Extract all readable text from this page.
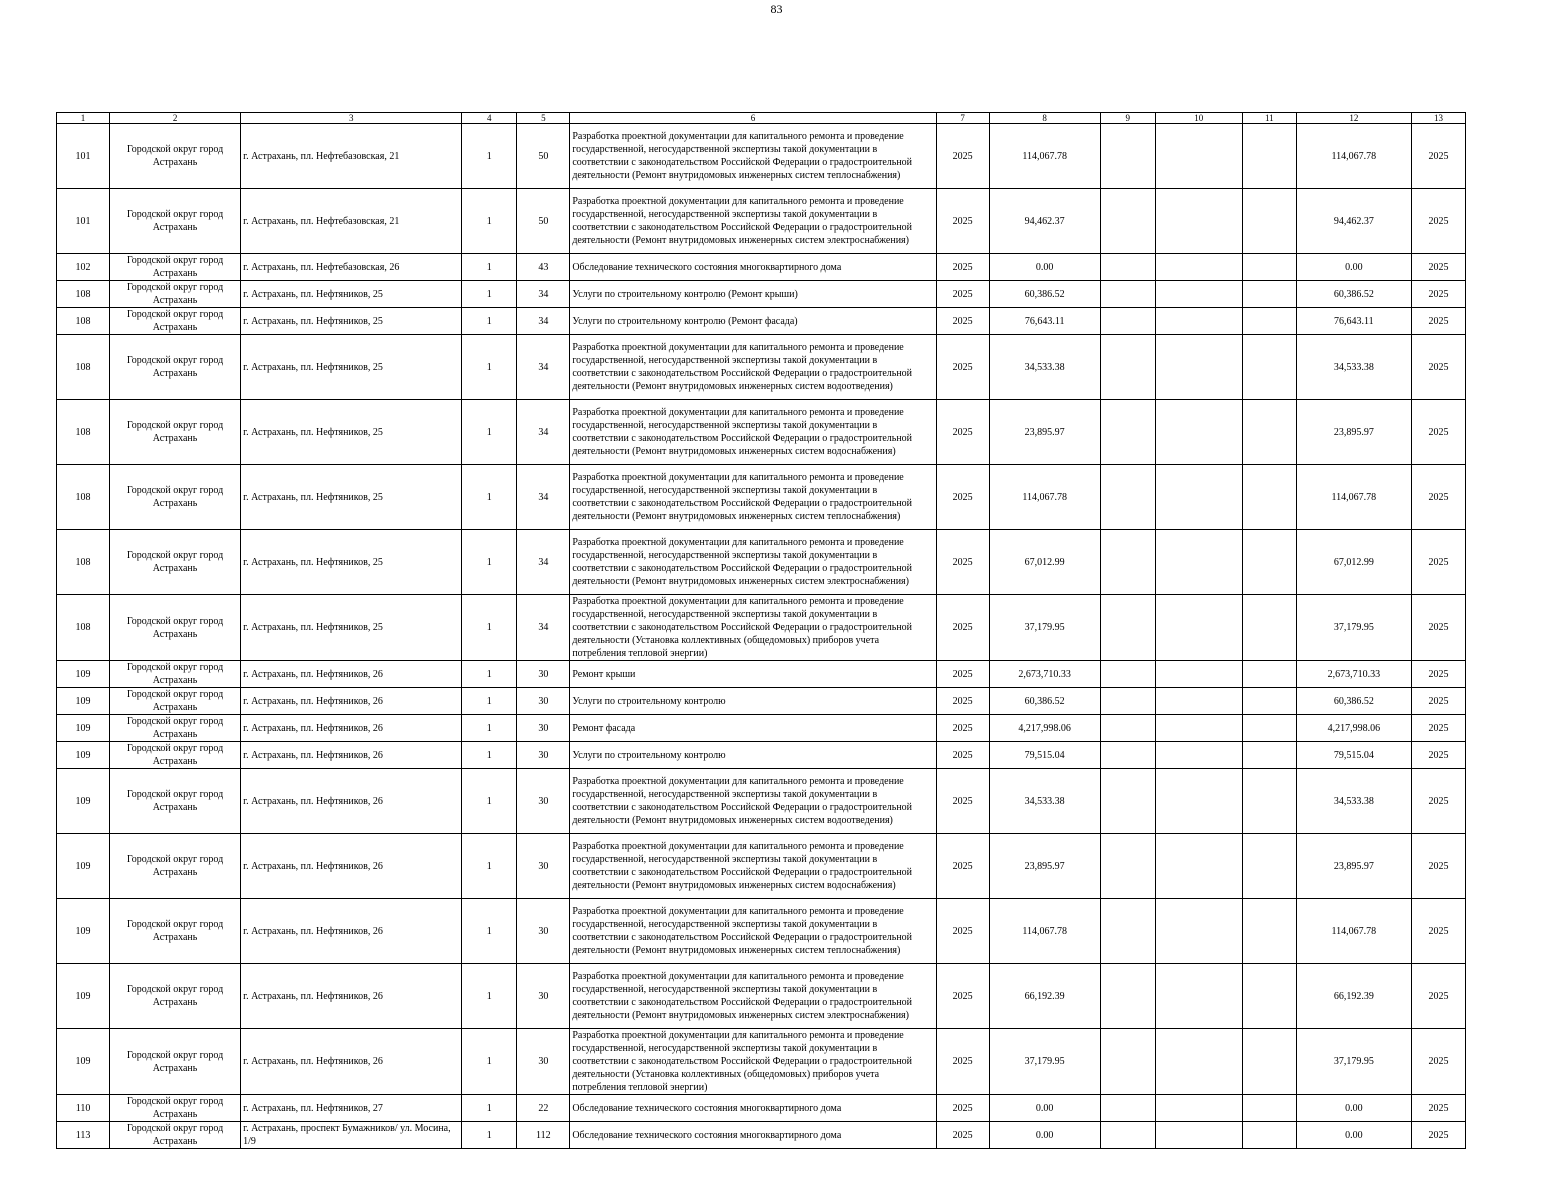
83
1	2	3	4	5	6	7	8	9	10	11	12	13
101	Городской округ город Астрахань	г. Астрахань, пл. Нефтебазовская, 21	1	50	Разработка проектной документации для капитального ремонта и проведение государственной, негосударственной экспертизы такой документации в соответствии с законодательством Российской Федерации о градостроительной деятельности (Ремонт внутридомовых инженерных систем теплоснабжения)	2025	114,067.78				114,067.78	2025
101	Городской округ город Астрахань	г. Астрахань, пл. Нефтебазовская, 21	1	50	Разработка проектной документации для капитального ремонта и проведение государственной, негосударственной экспертизы такой документации в соответствии с законодательством Российской Федерации о градостроительной деятельности (Ремонт внутридомовых инженерных систем электроснабжения)	2025	94,462.37				94,462.37	2025
102	Городской округ город Астрахань	г. Астрахань, пл. Нефтебазовская, 26	1	43	Обследование технического состояния многоквартирного дома	2025	0.00				0.00	2025
108	Городской округ город Астрахань	г. Астрахань, пл. Нефтяников, 25	1	34	Услуги по строительному контролю (Ремонт крыши)	2025	60,386.52				60,386.52	2025
108	Городской округ город Астрахань	г. Астрахань, пл. Нефтяников, 25	1	34	Услуги по строительному контролю (Ремонт фасада)	2025	76,643.11				76,643.11	2025
108	Городской округ город Астрахань	г. Астрахань, пл. Нефтяников, 25	1	34	Разработка проектной документации для капитального ремонта и проведение государственной, негосударственной экспертизы такой документации в соответствии с законодательством Российской Федерации о градостроительной деятельности (Ремонт внутридомовых инженерных систем водоотведения)	2025	34,533.38				34,533.38	2025
108	Городской округ город Астрахань	г. Астрахань, пл. Нефтяников, 25	1	34	Разработка проектной документации для капитального ремонта и проведение государственной, негосударственной экспертизы такой документации в соответствии с законодательством Российской Федерации о градостроительной деятельности (Ремонт внутридомовых инженерных систем водоснабжения)	2025	23,895.97				23,895.97	2025
108	Городской округ город Астрахань	г. Астрахань, пл. Нефтяников, 25	1	34	Разработка проектной документации для капитального ремонта и проведение государственной, негосударственной экспертизы такой документации в соответствии с законодательством Российской Федерации о градостроительной деятельности (Ремонт внутридомовых инженерных систем теплоснабжения)	2025	114,067.78				114,067.78	2025
108	Городской округ город Астрахань	г. Астрахань, пл. Нефтяников, 25	1	34	Разработка проектной документации для капитального ремонта и проведение государственной, негосударственной экспертизы такой документации в соответствии с законодательством Российской Федерации о градостроительной деятельности (Ремонт внутридомовых инженерных систем электроснабжения)	2025	67,012.99				67,012.99	2025
108	Городской округ город Астрахань	г. Астрахань, пл. Нефтяников, 25	1	34	Разработка проектной документации для капитального ремонта и проведение государственной, негосударственной экспертизы такой документации в соответствии с законодательством Российской Федерации о градостроительной деятельности (Установка коллективных (общедомовых) приборов учета потребления тепловой энергии)	2025	37,179.95				37,179.95	2025
109	Городской округ город Астрахань	г. Астрахань, пл. Нефтяников, 26	1	30	Ремонт крыши	2025	2,673,710.33				2,673,710.33	2025
109	Городской округ город Астрахань	г. Астрахань, пл. Нефтяников, 26	1	30	Услуги по строительному контролю	2025	60,386.52				60,386.52	2025
109	Городской округ город Астрахань	г. Астрахань, пл. Нефтяников, 26	1	30	Ремонт фасада	2025	4,217,998.06				4,217,998.06	2025
109	Городской округ город Астрахань	г. Астрахань, пл. Нефтяников, 26	1	30	Услуги по строительному контролю	2025	79,515.04				79,515.04	2025
109	Городской округ город Астрахань	г. Астрахань, пл. Нефтяников, 26	1	30	Разработка проектной документации для капитального ремонта и проведение государственной, негосударственной экспертизы такой документации в соответствии с законодательством Российской Федерации о градостроительной деятельности (Ремонт внутридомовых инженерных систем водоотведения)	2025	34,533.38				34,533.38	2025
109	Городской округ город Астрахань	г. Астрахань, пл. Нефтяников, 26	1	30	Разработка проектной документации для капитального ремонта и проведение государственной, негосударственной экспертизы такой документации в соответствии с законодательством Российской Федерации о градостроительной деятельности (Ремонт внутридомовых инженерных систем водоснабжения)	2025	23,895.97				23,895.97	2025
109	Городской округ город Астрахань	г. Астрахань, пл. Нефтяников, 26	1	30	Разработка проектной документации для капитального ремонта и проведение государственной, негосударственной экспертизы такой документации в соответствии с законодательством Российской Федерации о градостроительной деятельности (Ремонт внутридомовых инженерных систем теплоснабжения)	2025	114,067.78				114,067.78	2025
109	Городской округ город Астрахань	г. Астрахань, пл. Нефтяников, 26	1	30	Разработка проектной документации для капитального ремонта и проведение государственной, негосударственной экспертизы такой документации в соответствии с законодательством Российской Федерации о градостроительной деятельности (Ремонт внутридомовых инженерных систем электроснабжения)	2025	66,192.39				66,192.39	2025
109	Городской округ город Астрахань	г. Астрахань, пл. Нефтяников, 26	1	30	Разработка проектной документации для капитального ремонта и проведение государственной, негосударственной экспертизы такой документации в соответствии с законодательством Российской Федерации о градостроительной деятельности (Установка коллективных (общедомовых) приборов учета потребления тепловой энергии)	2025	37,179.95				37,179.95	2025
110	Городской округ город Астрахань	г. Астрахань, пл. Нефтяников, 27	1	22	Обследование технического состояния многоквартирного дома	2025	0.00				0.00	2025
113	Городской округ город Астрахань	г. Астрахань, проспект Бумажников/ ул. Мосина, 1/9	1	112	Обследование технического состояния многоквартирного дома	2025	0.00				0.00	2025
